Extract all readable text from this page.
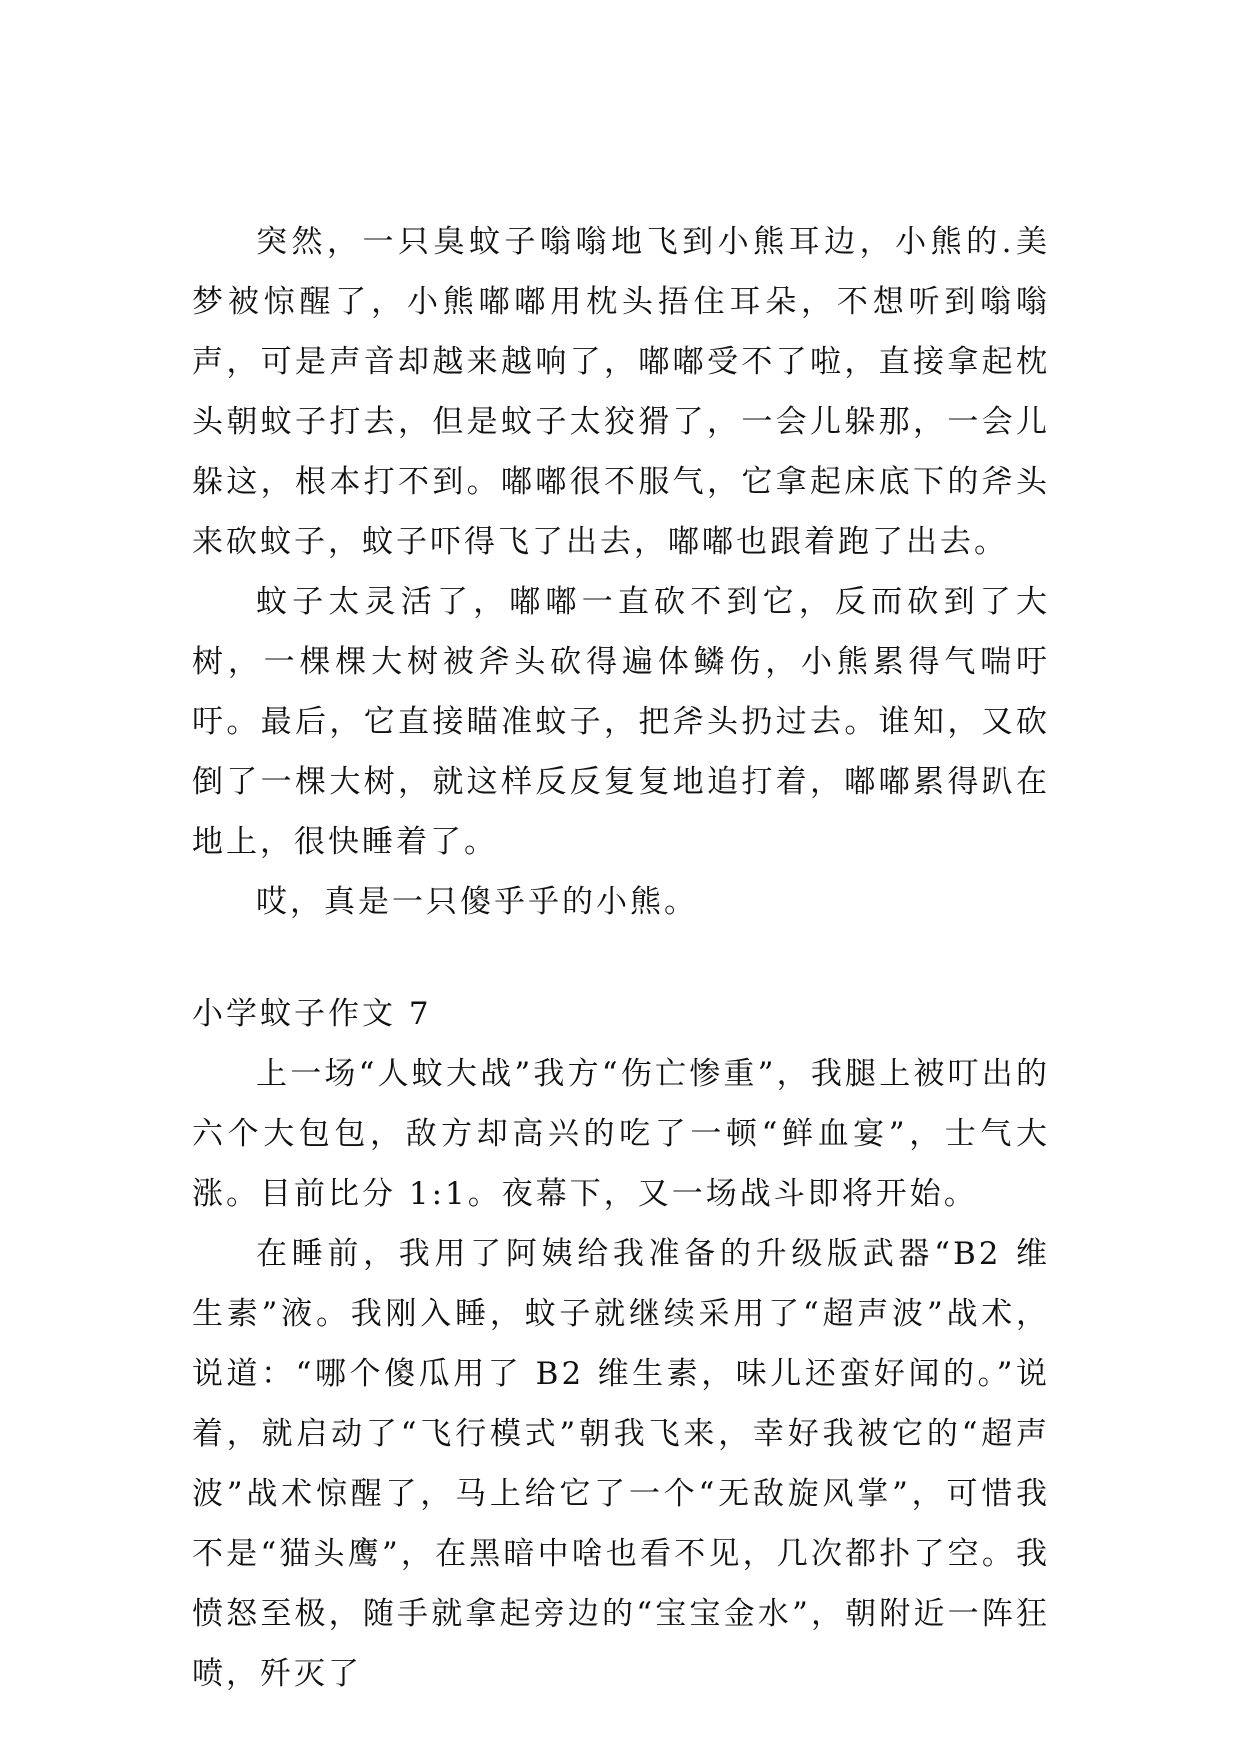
突然，一只臭蚊子嗡嗡地飞到小熊耳边，小熊的.美梦被惊醒了，小熊嘟嘟用枕头捂住耳朵，不想听到嗡嗡声，可是声音却越来越响了，嘟嘟受不了啦，直接拿起枕头朝蚊子打去，但是蚊子太狡猾了，一会儿躲那，一会儿躲这，根本打不到。嘟嘟很不服气，它拿起床底下的斧头来砍蚊子，蚊子吓得飞了出去，嘟嘟也跟着跑了出去。

蚊子太灵活了，嘟嘟一直砍不到它，反而砍到了大树，一棵棵大树被斧头砍得遍体鳞伤，小熊累得气喘吁吁。最后，它直接瞄准蚊子，把斧头扔过去。谁知，又砍倒了一棵大树，就这样反反复复地追打着，嘟嘟累得趴在地上，很快睡着了。

哎，真是一只傻乎乎的小熊。

小学蚊子作文 7

上一场“人蚊大战”我方“伤亡惨重”，我腿上被叮出的六个大包包，敌方却高兴的吃了一顿“鲜血宴”，士气大涨。目前比分 1:1。夜幕下，又一场战斗即将开始。

在睡前，我用了阿姨给我准备的升级版武器“B2 维生素”液。我刚入睡，蚊子就继续采用了“超声波”战术，说道：“哪个傻瓜用了 B2 维生素，味儿还蛮好闻的。”说着，就启动了“飞行模式”朝我飞来，幸好我被它的“超声波”战术惊醒了，马上给它了一个“无敌旋风掌”，可惜我不是“猫头鹰”，在黑暗中啥也看不见，几次都扑了空。我愤怒至极，随手就拿起旁边的“宝宝金水”，朝附近一阵狂喷，歼灭了
